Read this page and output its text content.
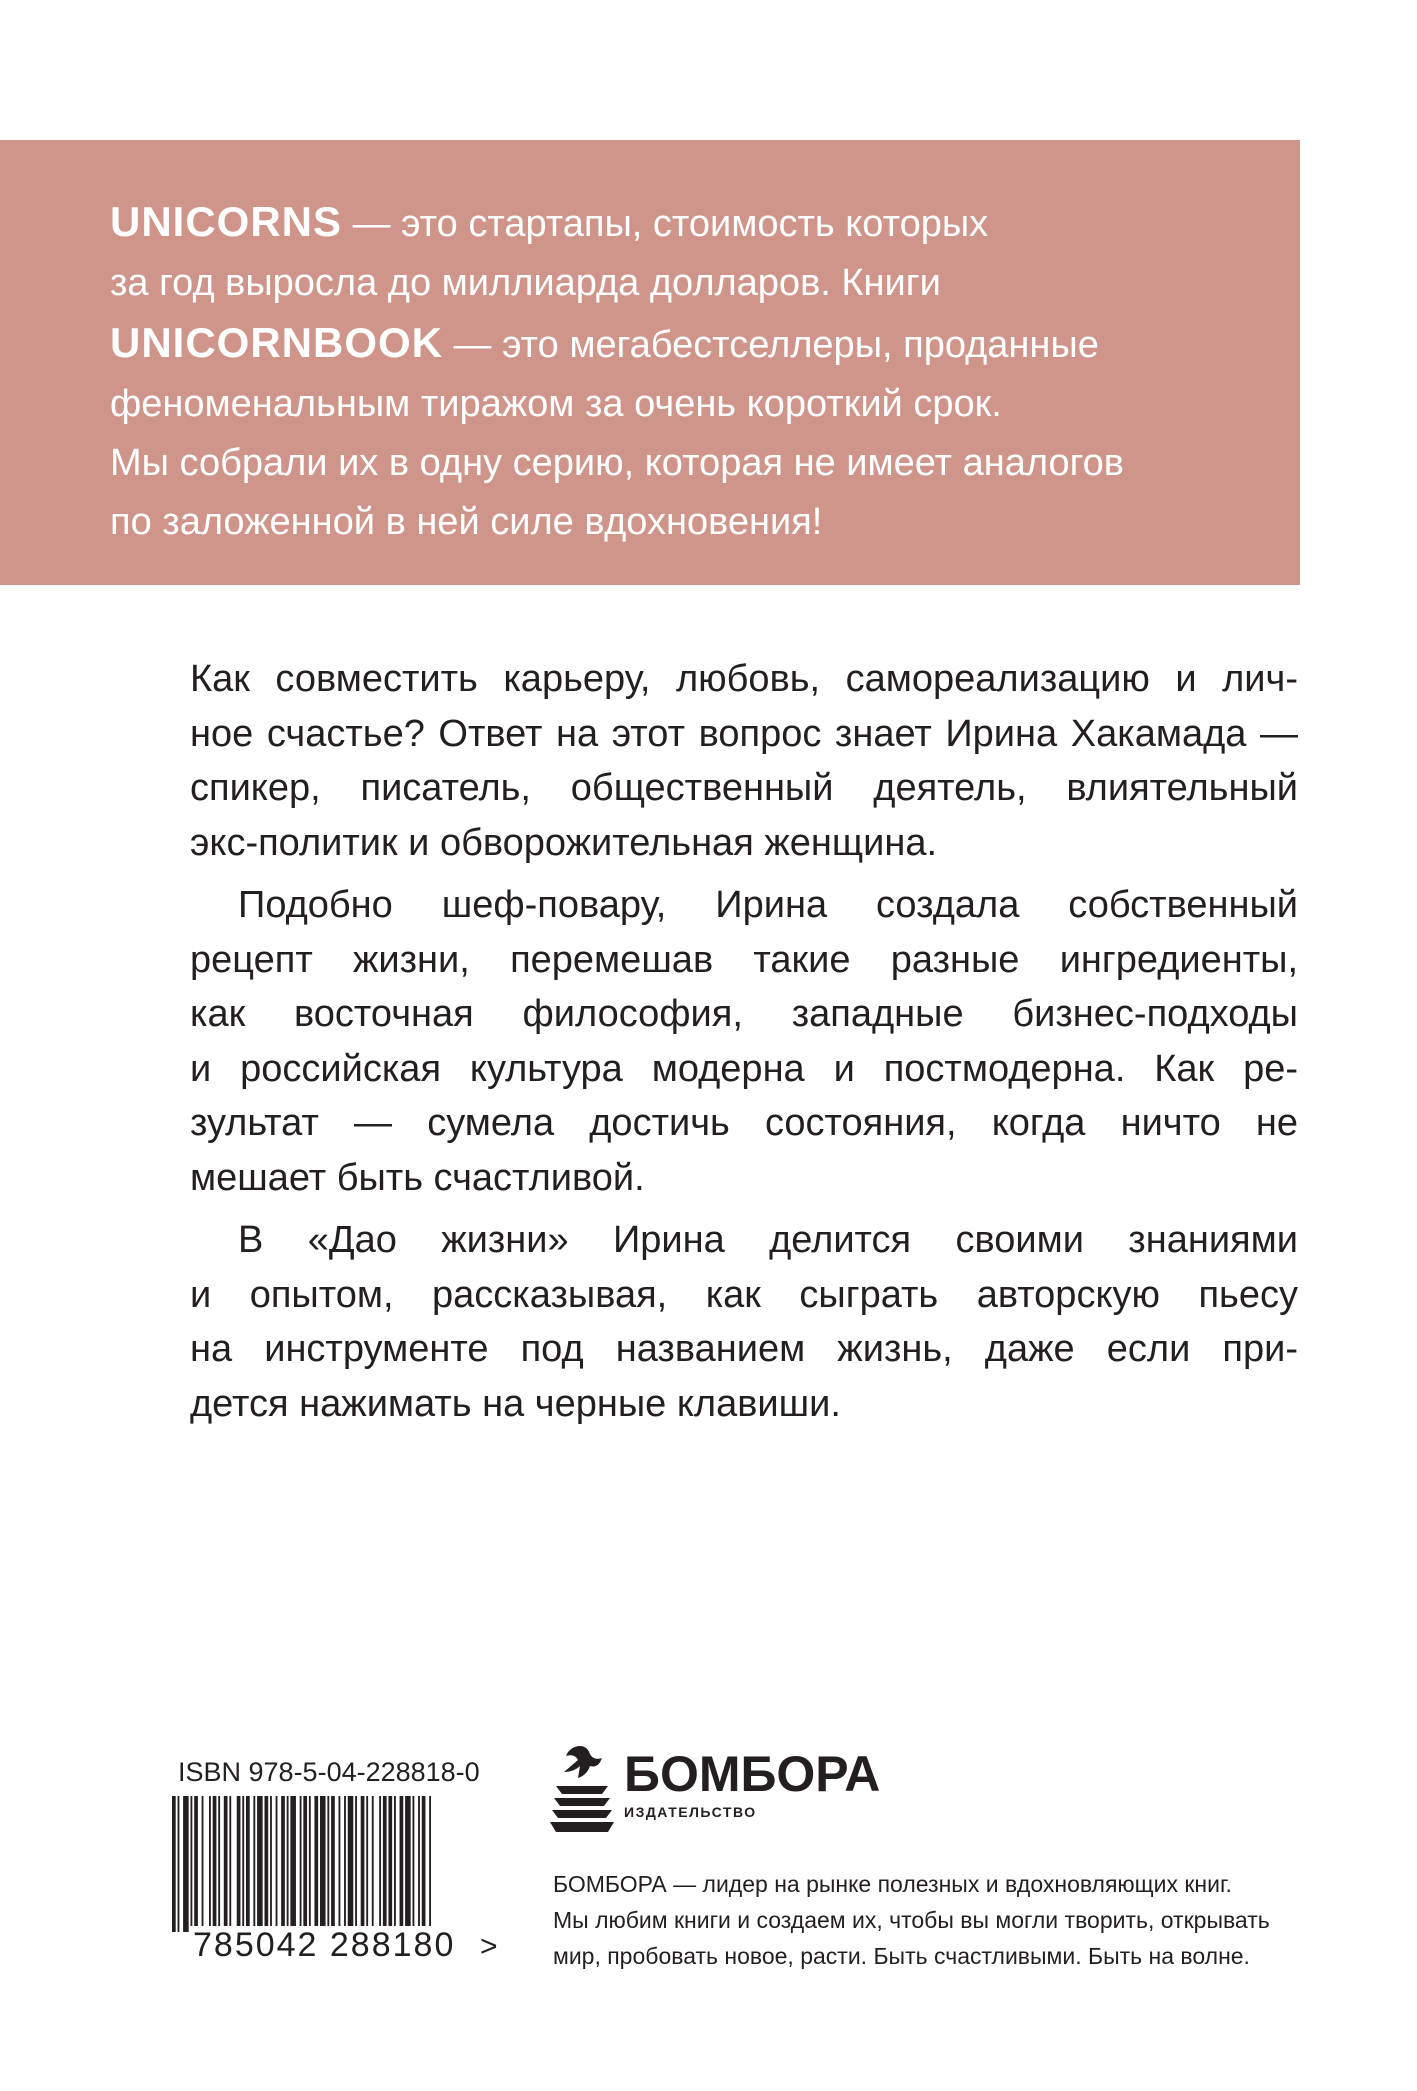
UNICORNS — это стартапы, стоимость которых
за год выросла до миллиарда долларов. Книги
UNICORNBOOK — это мегабестселлеры, проданные
феноменальным тиражом за очень короткий срок.
Мы собрали их в одну серию, которая не имеет аналогов
по заложенной в ней силе вдохновения!
Как совместить карьеру, любовь, самореализацию и лич-
ное счастье? Ответ на этот вопрос знает Ирина Хакамада —
спикер, писатель, общественный деятель, влиятельный
экс-политик и обворожительная женщина.
Подобно шеф-повару, Ирина создала собственный
рецепт жизни, перемешав такие разные ингредиенты,
как восточная философия, западные бизнес-подходы
и российская культура модерна и постмодерна. Как ре-
зультат — сумела достичь состояния, когда ничто не
мешает быть счастливой.
В «Дао жизни» Ирина делится своими знаниями
и опытом, рассказывая, как сыграть авторскую пьесу
на инструменте под названием жизнь, даже если при-
дется нажимать на черные клавиши.
ISBN 978-5-04-228818-0
785042 288180 >
БОМБОРА
ИЗДАТЕЛЬСТВО
БОМБОРА — лидер на рынке полезных и вдохновляющих книг.
Мы любим книги и создаем их, чтобы вы могли творить, открывать
мир, пробовать новое, расти. Быть счастливыми. Быть на волне.
